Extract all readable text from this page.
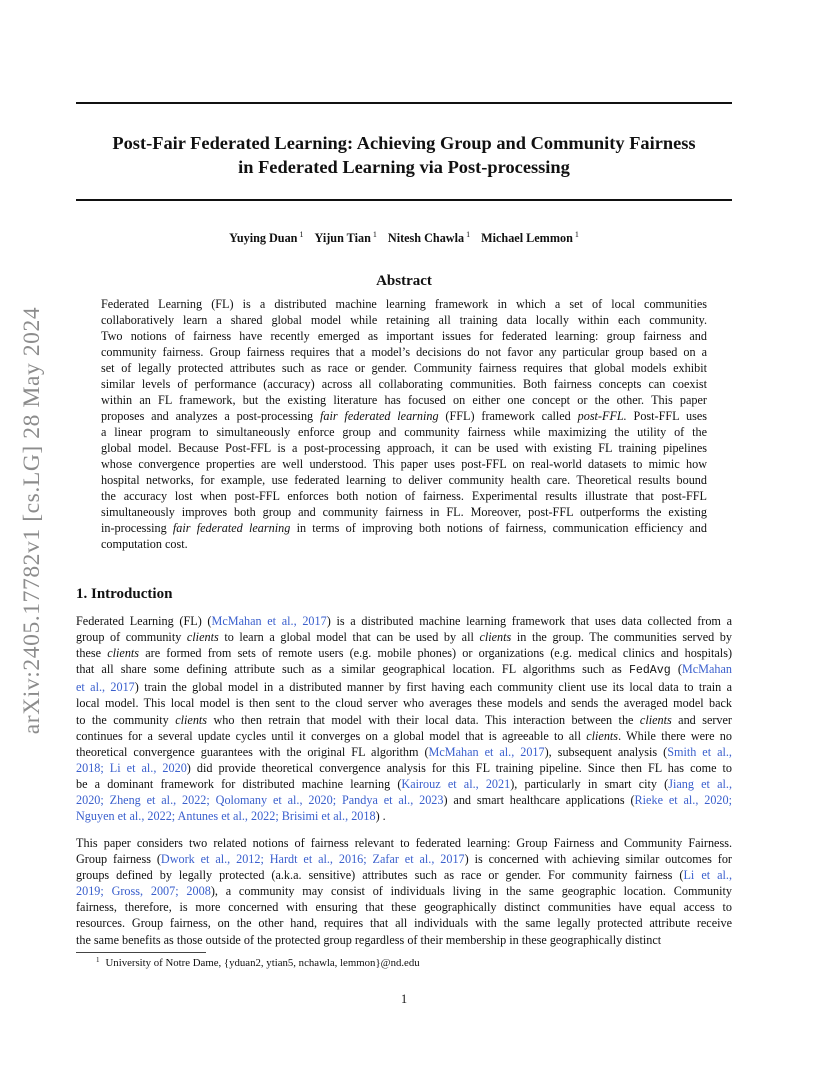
arXiv:2405.17782v1 [cs.LG] 28 May 2024
Post-Fair Federated Learning: Achieving Group and Community Fairness
in Federated Learning via Post-processing
Yuying Duan $^1$ Yijun Tian $^1$ Nitesh Chawla $^1$ Michael Lemmon $^1$
Abstract
Federated Learning (FL) is a distributed machine learning framework in which a set of local communities
collaboratively learn a shared global model while retaining all training data locally within each community.
Two notions of fairness have recently emerged as important issues for federated learning: group fairness and
community fairness. Group fairness requires that a model’s decisions do not favor any particular group based on a
set of legally protected attributes such as race or gender. Community fairness requires that global models exhibit
similar levels of performance (accuracy) across all collaborating communities. Both fairness concepts can coexist
within an FL framework, but the existing literature has focused on either one concept or the other. This paper
proposes and analyzes a post-processing fair federated learning (FFL) framework called post-FFL. Post-FFL uses
a linear program to simultaneously enforce group and community fairness while maximizing the utility of the
global model. Because Post-FFL is a post-processing approach, it can be used with existing FL training pipelines
whose convergence properties are well understood. This paper uses post-FFL on real-world datasets to mimic how
hospital networks, for example, use federated learning to deliver community health care. Theoretical results bound
the accuracy lost when post-FFL enforces both notion of fairness. Experimental results illustrate that post-FFL
simultaneously improves both group and community fairness in FL. Moreover, post-FFL outperforms the existing
in-processing fair federated learning in terms of improving both notions of fairness, communication efficiency and
computation cost.
1. Introduction
Federated Learning (FL) (McMahan et al., 2017) is a distributed machine learning framework that uses data collected from a
group of community clients to learn a global model that can be used by all clients in the group. The communities served by
these clients are formed from sets of remote users (e.g. mobile phones) or organizations (e.g. medical clinics and hospitals)
that all share some defining attribute such as a similar geographical location. FL algorithms such as FedAvg (McMahan
et al., 2017) train the global model in a distributed manner by first having each community client use its local data to train a
local model. This local model is then sent to the cloud server who averages these models and sends the averaged model back
to the community clients who then retrain that model with their local data. This interaction between the clients and server
continues for a several update cycles until it converges on a global model that is agreeable to all clients. While there were no
theoretical convergence guarantees with the original FL algorithm (McMahan et al., 2017), subsequent analysis (Smith et al.,
2018; Li et al., 2020) did provide theoretical convergence analysis for this FL training pipeline. Since then FL has come to
be a dominant framework for distributed machine learning (Kairouz et al., 2021), particularly in smart city (Jiang et al.,
2020; Zheng et al., 2022; Qolomany et al., 2020; Pandya et al., 2023) and smart healthcare applications (Rieke et al., 2020;
Nguyen et al., 2022; Antunes et al., 2022; Brisimi et al., 2018) .
This paper considers two related notions of fairness relevant to federated learning: Group Fairness and Community Fairness.
Group fairness (Dwork et al., 2012; Hardt et al., 2016; Zafar et al., 2017) is concerned with achieving similar outcomes for
groups defined by legally protected (a.k.a. sensitive) attributes such as race or gender. For community fairness (Li et al.,
2019; Gross, 2007; 2008), a community may consist of individuals living in the same geographic location. Community
fairness, therefore, is more concerned with ensuring that these geographically distinct communities have equal access to
resources. Group fairness, on the other hand, requires that all individuals with the same legally protected attribute receive
the same benefits as those outside of the protected group regardless of their membership in these geographically distinct
$^1$ University of Notre Dame, {yduan2, ytian5, nchawla, lemmon}@nd.edu
1
